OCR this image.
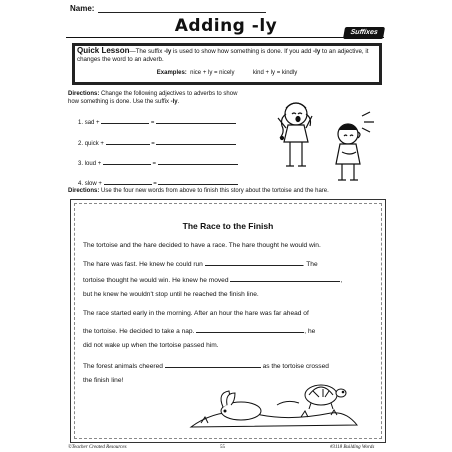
Name:
Adding -ly	Suffixes
Quick Lesson—The suffix -ly is used to show how something is done. If you add -ly to an adjective, it changes the word to an adverb.
Examples: nice + ly = nicely	kind + ly = kindly
Directions: Change the following adjectives to adverbs to show how something is done. Use the suffix -ly.
1. sad +	=
2. quick +	=
3. loud +	=
4. slow +	=
Directions: Use the four new words from above to finish this story about the tortoise and the hare.
The Race to the Finish
The tortoise and the hare decided to have a race. The hare thought he would win.
The hare was fast. He knew he could run	. The
tortoise thought he would win. He knew he moved	,
but he knew he wouldn't stop until he reached the finish line.
The race started early in the morning. After an hour the hare was far ahead of
the tortoise. He decided to take a nap.	, he
did not wake up when the tortoise passed him.
The forest animals cheered	as the tortoise crossed
the finish line!
©Teacher Created Resources	55	#3118 Building Words
